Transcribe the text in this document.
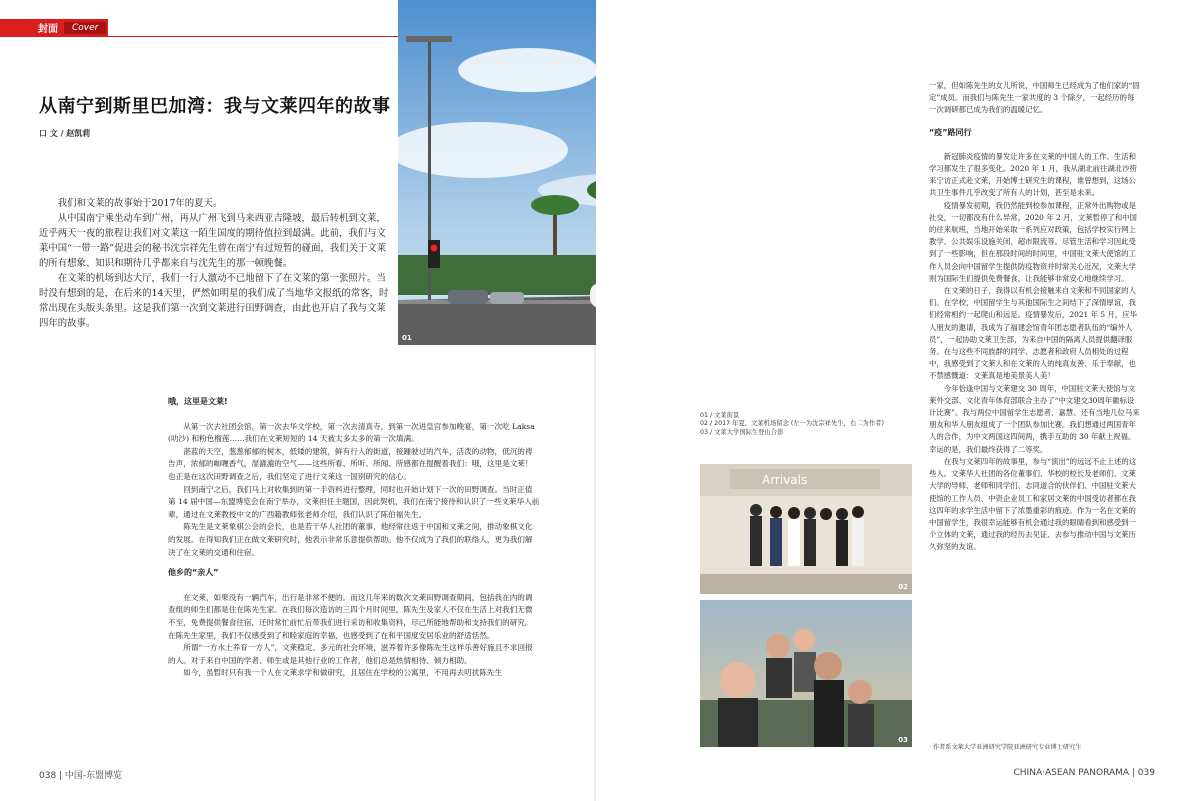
封面	Cover
从南宁到斯里巴加湾：我与文莱四年的故事
口 文 / 赵凯莉

我们和文莱的故事始于2017年的夏天。

从中国南宁乘坐动车到广州，再从广州飞到马来西亚吉隆坡，最后转机到文莱，近乎两天一夜的旅程让我们对文莱这一陌生国度的期待值拉到最满。此前，我们与文莱中国“一带一路”促进会的秘书沈宗祥先生曾在南宁有过短暂的碰面，我们关于文莱的所有想象、知识和期待几乎都来自与沈先生的那一顿晚餐。

在文莱的机场到达大厅，我们一行人激动不已地留下了在文莱的第一张照片。当时没有想到的是，在后来的14天里，俨然如明星的我们成了当地华文报纸的常客，时常出现在头版头条里。这是我们第一次到文莱进行田野调查，由此也开启了我与文莱四年的故事。

哦，这里是文莱!

从第一次去社团会馆，第一次去华文学校，第一次去清真寺，到第一次进皇宫参加晚宴，第一次吃 Laksa (叻沙) 和粉色榴莲……我们在文莱短短的 14 天被太多太多的第一次填满。

湛蓝的天空，葱葱郁郁的树木，低矮的建筑，鲜有行人的街道，接踵驶过的汽车，活泼的动物，低沉的祷告声，浓郁的咖喱香气，湿漉漉的空气——这些所看、所听、所闻、所感都在提醒着我们：哦，这里是文莱！也正是在这次田野调查之后，我们坚定了进行文莱这一国别研究的信心。

回到南宁之后，我们马上对收集到的第一手资料进行整理，同时也开始计划下一次的田野调查。当时正值第 14 届中国—东盟博览会在南宁举办，文莱担任主题国，因此契机，我们在南宁接待和认识了一些文莱华人前辈，通过在文莱教授中文的广西籍教师张老师介绍，我们认识了陈伯福先生。

陈先生是文莱象棋公会的会长，也是若干华人社团的董事，他经常往返于中国和文莱之间，推动象棋文化的发展。在得知我们正在做文莱研究时，他表示非常乐意提供帮助。他不仅成为了我们的联络人，更为我们解决了在文莱的交通和住宿。

他乡的“亲人”

在文莱，如果没有一辆汽车，出行是非常不便的。而这几年来的数次文莱田野调查期间，包括我在内的调查组的师生们都是住在陈先生家。在我们每次造访的三四个月时间里，陈先生及家人不仅在生活上对我们无微不至，免费提供餐食住宿，还时常忙前忙后带我们进行采访和收集资料，尽己所能地帮助和支持我们的研究。在陈先生家里，我们不仅感受到了和睦家庭的幸福，也感受到了在和平国度安居乐业的舒适恬然。

所谓“一方水土养育一方人”，文莱稳定、多元的社会环境，滋养着许多像陈先生这样乐善好施且不求回报的人。对于来自中国的学者、师生或是其他行业的工作者，他们总是热情相待、倾力相助。

如今，虽暂时只有我一个人在文莱求学和做研究，且居住在学校的公寓里，不用再去叨扰陈先生

038 | 中国-东盟博览
01
01 / 文莱街景
02 / 2017 年夏，文莱机场留念 (左一为沈宗祥先生，右二为作者)
03 / 文莱大学国际生登山合影
Arrivals
02
03

一家，但如陈先生的女儿所说，中国师生已经成为了他们家的“固定”成员。而我们与陈先生一家共度的 3 个除夕，一起经历的每一次调研都已成为我们的温暖记忆。

“疫”路同行

新冠肺炎疫情的暴发让许多在文莱的中国人的工作、生活和学习都发生了很多变化。2020 年 1 月，我从湖北前往湖北沙捞来宁访正式赴文莱，开始博士研究生的课程，谁曾想到，这场公共卫生事件几乎改变了所有人的计划，甚至是未来。

疫情暴发初期，我仍然能到校参加课程，正常外出购物或是社交，一切都没有什么异常。2020 年 2 月，文莱暂停了和中国的往来航班，当地开始采取一系列应对政策，包括学校实行网上教学、公共娱乐设施关闭、超市限流等。尽管生活和学习因此受到了一些影响，但在那段时间的时间里，中国驻文莱大使馆的工作人员会向中国留学生提供防疫物资并时常关心近况，文莱大学则为国际生们提供免费餐食，让我能够非常安心地继续学习。

在文莱的日子，我得以有机会接触来自文莱和不同国家的人们。在学校，中国留学生与其他国际生之间结下了深情厚谊，我们经常相约一起爬山和远足。疫情暴发后，2021 年 5 月，应华人朋友的邀请，我成为了福建会馆青年团志愿者队伍的“编外人员”，一起协助文莱卫生部，为来自中国的隔离人员提供翻译服务。在与这些不同族群的同学、志愿者和政府人员相处的过程中，我感受到了文莱人和在文莱的人的纯真友善、乐于奉献，也不禁感慨道：文莱真是地美景美人美！

今年恰逢中国与文莱建交 30 周年，中国驻文莱大使馆与文莱外交部、文化青年体育部联合主办了“中文建交30周年徽标设计比赛”。我与两位中国留学生志愿者、嘉慧、还有当地几位马来朋友和华人朋友组成了一个团队参加比赛。我们想通过两国青年人的合作，为中文两国这四间两，携手互助的 30 年献上祝福。幸运的是，我们最终获得了二等奖。

在我与文莱四年的故事里，参与“演出”的远远不止上述的这些人。文莱华人社团的各位董事们、华校的校长及老师们、文莱大学的导师、老师和同学们、志同道合的伙伴们、中国驻文莱大使馆的工作人员、中资企业员工和家居文莱的中国受访者都在我这四年的求学生活中留下了浓墨重彩的痕迹。作为一名在文莱的中国留学生，我很幸运能够有机会通过我的眼睛看到和感受到一个立体的文莱，通过我的经历去见证、去参与推动中国与文莱历久弥坚的友谊。

· 作者系文莱大学亚洲研究学院亚洲研究专业博士研究生
CHINA·ASEAN PANORAMA | 039
